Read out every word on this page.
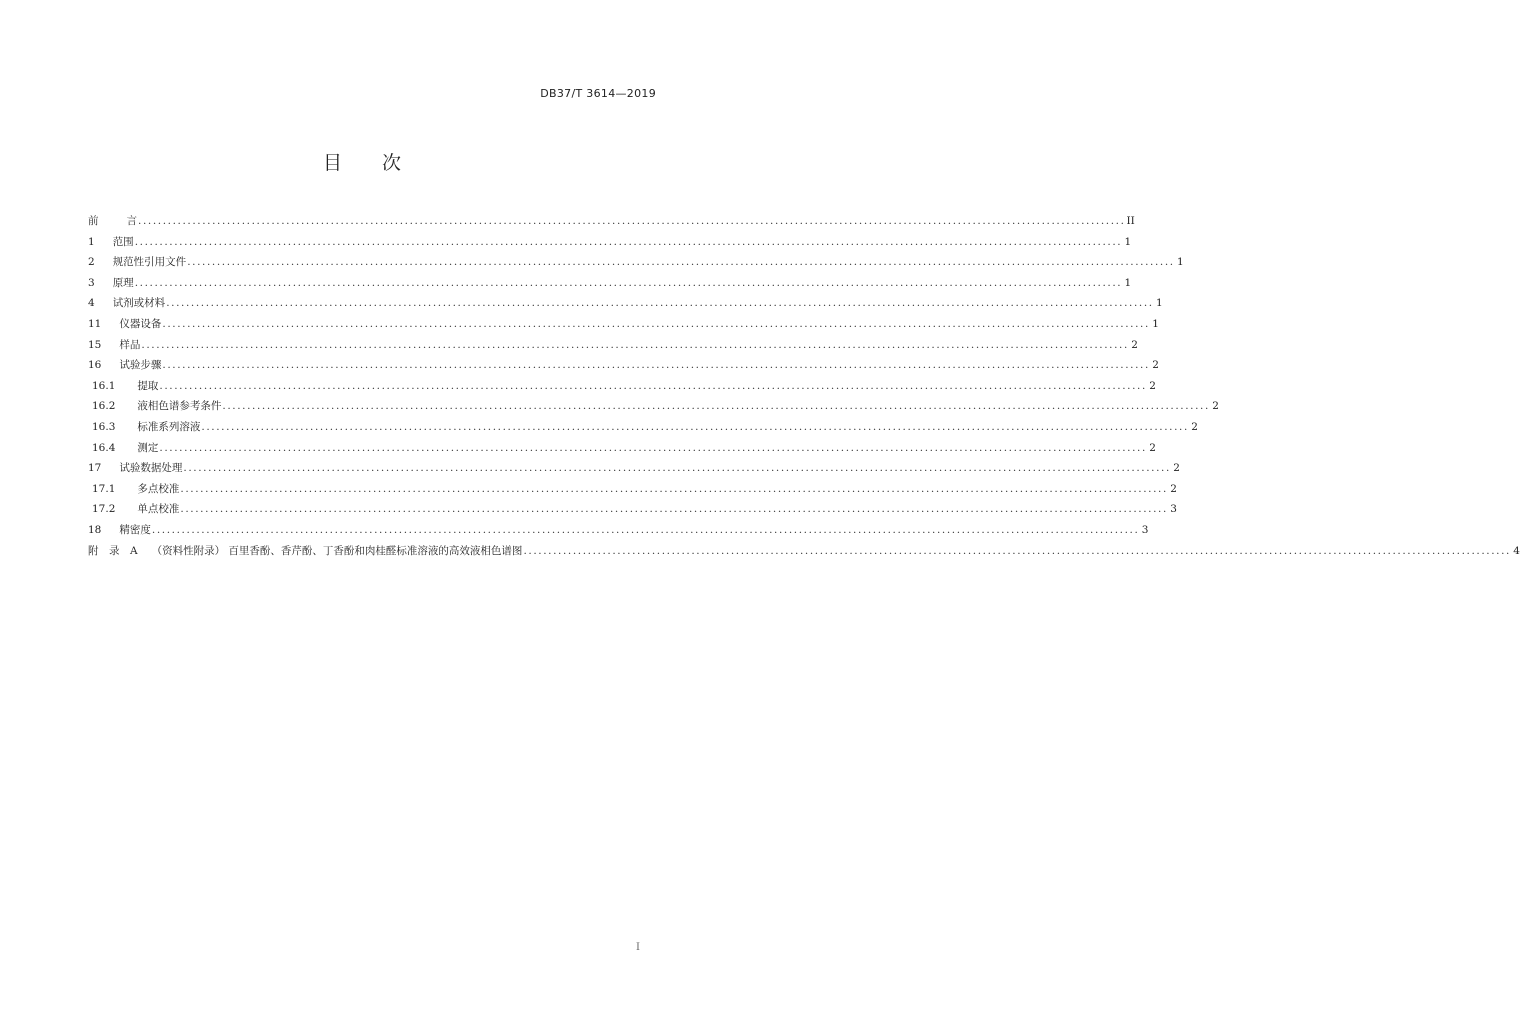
DB37/T 3614—2019
目 次
前	言 ........................................................................................................................................................................................................ II
1 范围 ........................................................................................................................................................................................................ 1
2 规范性引用文件 ........................................................................................................................................................................................................ 1
3 原理 ........................................................................................................................................................................................................ 1
4 试剂或材料 ........................................................................................................................................................................................................ 1
11 仪器设备 ........................................................................................................................................................................................................ 1
15 样品 ........................................................................................................................................................................................................ 2
16 试验步骤 ........................................................................................................................................................................................................ 2
16.1 提取 ........................................................................................................................................................................................................ 2
16.2 液相色谱参考条件 ........................................................................................................................................................................................................ 2
16.3 标准系列溶液 ........................................................................................................................................................................................................ 2
16.4 测定 ........................................................................................................................................................................................................ 2
17 试验数据处理 ........................................................................................................................................................................................................ 2
17.1 多点校准 ........................................................................................................................................................................................................ 2
17.2 单点校准 ........................................................................................................................................................................................................ 3
18 精密度 ........................................................................................................................................................................................................ 3
附　录　A （资料性附录） 百里香酚、香芹酚、丁香酚和肉桂醛标准溶液的高效液相色谱图 ........................................................................................................................................................................................................ 4
I
